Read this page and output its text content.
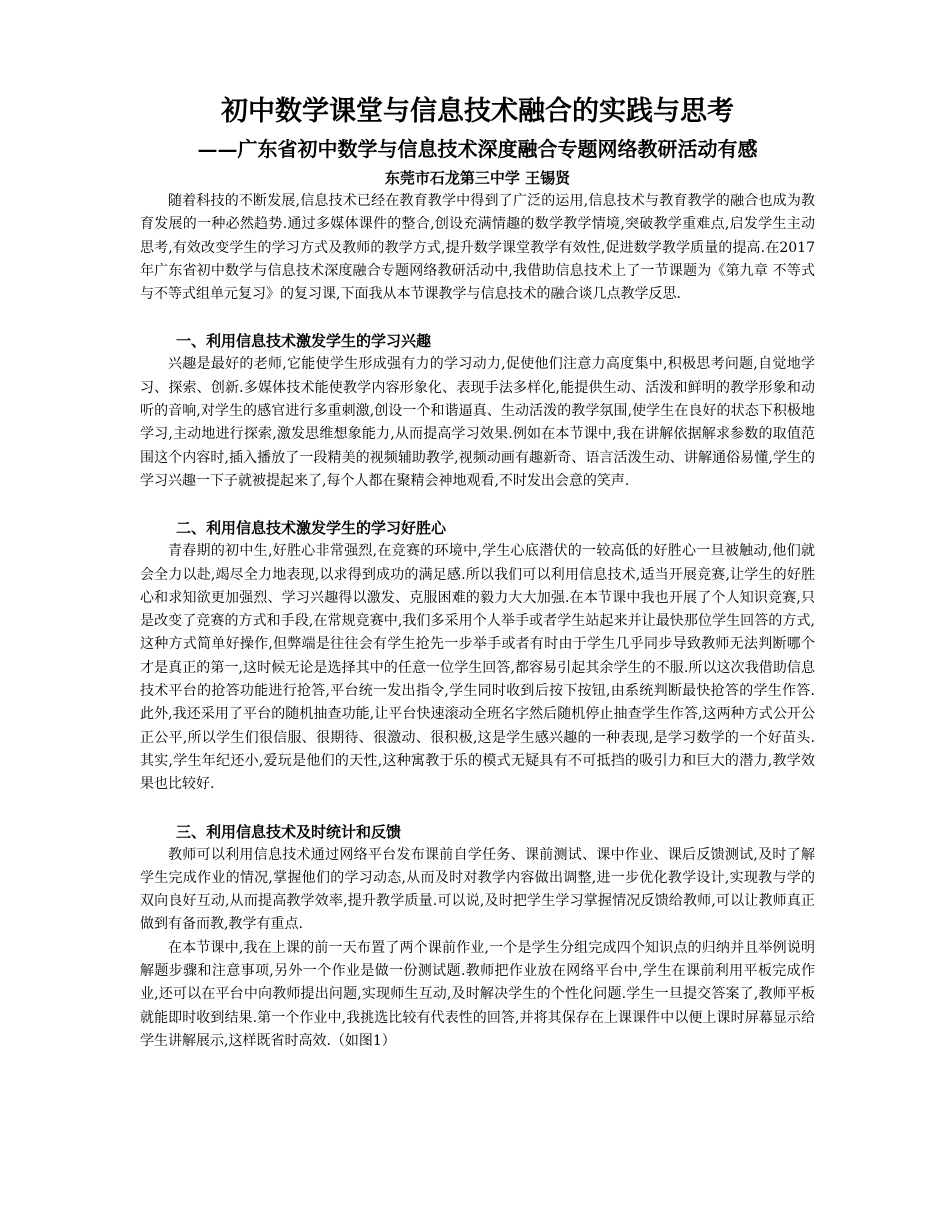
初中数学课堂与信息技术融合的实践与思考
——广东省初中数学与信息技术深度融合专题网络教研活动有感
东莞市石龙第三中学 王锡贤

随着科技的不断发展,信息技术已经在教育教学中得到了广泛的运用,信息技术与教育教学的融合也成为教育发展的一种必然趋势.通过多媒体课件的整合,创设充满情趣的数学教学情境,突破教学重难点,启发学生主动思考,有效改变学生的学习方式及教师的教学方式,提升数学课堂教学有效性,促进数学教学质量的提高.在2017年广东省初中数学与信息技术深度融合专题网络教研活动中,我借助信息技术上了一节课题为《第九章 不等式与不等式组单元复习》的复习课,下面我从本节课教学与信息技术的融合谈几点教学反思.

一、利用信息技术激发学生的学习兴趣

兴趣是最好的老师,它能使学生形成强有力的学习动力,促使他们注意力高度集中,积极思考问题,自觉地学习、探索、创新.多媒体技术能使教学内容形象化、表现手法多样化,能提供生动、活泼和鲜明的教学形象和动听的音响,对学生的感官进行多重刺激,创设一个和谐逼真、生动活泼的教学氛围,使学生在良好的状态下积极地学习,主动地进行探索,激发思维想象能力,从而提高学习效果.例如在本节课中,我在讲解依据解求参数的取值范围这个内容时,插入播放了一段精美的视频辅助教学,视频动画有趣新奇、语言活泼生动、讲解通俗易懂,学生的学习兴趣一下子就被提起来了,每个人都在聚精会神地观看,不时发出会意的笑声.

二、利用信息技术激发学生的学习好胜心

青春期的初中生,好胜心非常强烈,在竞赛的环境中,学生心底潜伏的一较高低的好胜心一旦被触动,他们就会全力以赴,竭尽全力地表现,以求得到成功的满足感.所以我们可以利用信息技术,适当开展竞赛,让学生的好胜心和求知欲更加强烈、学习兴趣得以激发、克服困难的毅力大大加强.在本节课中我也开展了个人知识竞赛,只是改变了竞赛的方式和手段,在常规竞赛中,我们多采用个人举手或者学生站起来并让最快那位学生回答的方式,这种方式简单好操作,但弊端是往往会有学生抢先一步举手或者有时由于学生几乎同步导致教师无法判断哪个才是真正的第一,这时候无论是选择其中的任意一位学生回答,都容易引起其余学生的不服.所以这次我借助信息技术平台的抢答功能进行抢答,平台统一发出指令,学生同时收到后按下按钮,由系统判断最快抢答的学生作答.此外,我还采用了平台的随机抽查功能,让平台快速滚动全班名字然后随机停止抽查学生作答,这两种方式公开公正公平,所以学生们很信服、很期待、很激动、很积极,这是学生感兴趣的一种表现,是学习数学的一个好苗头.其实,学生年纪还小,爱玩是他们的天性,这种寓教于乐的模式无疑具有不可抵挡的吸引力和巨大的潜力,教学效果也比较好.

三、利用信息技术及时统计和反馈

教师可以利用信息技术通过网络平台发布课前自学任务、课前测试、课中作业、课后反馈测试,及时了解学生完成作业的情况,掌握他们的学习动态,从而及时对教学内容做出调整,进一步优化教学设计,实现教与学的双向良好互动,从而提高教学效率,提升教学质量.可以说,及时把学生学习掌握情况反馈给教师,可以让教师真正做到有备而教,教学有重点.

在本节课中,我在上课的前一天布置了两个课前作业,一个是学生分组完成四个知识点的归纳并且举例说明解题步骤和注意事项,另外一个作业是做一份测试题.教师把作业放在网络平台中,学生在课前利用平板完成作业,还可以在平台中向教师提出问题,实现师生互动,及时解决学生的个性化问题.学生一旦提交答案了,教师平板就能即时收到结果.第一个作业中,我挑选比较有代表性的回答,并将其保存在上课课件中以便上课时屏幕显示给学生讲解展示,这样既省时高效.（如图1）
